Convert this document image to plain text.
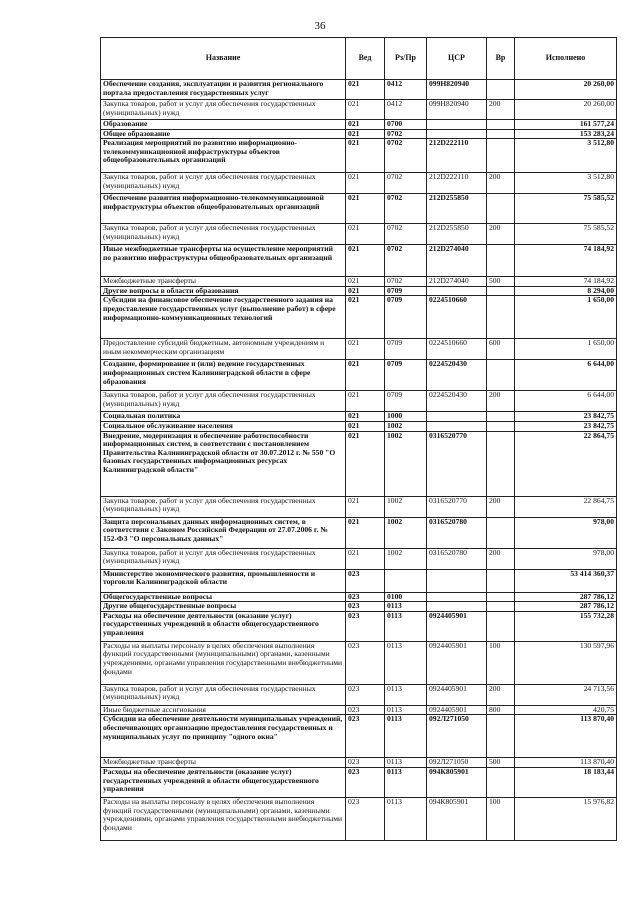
36
Название	Вед	Рз/Пр	ЦСР	Вр	Исполнено
Обеспечение создания, эксплуатации и развития регионального портала предоставления государственных услуг	021	0412	099Н820940		20 260,00
Закупка товаров, работ и услуг для обеспечения государственных (муниципальных) нужд	021	0412	099Н820940	200	20 260,00
Образование	021	0700			161 577,24
Общее образование	021	0702			153 283,24
Реализация мероприятий по развитию информационно-телекоммуникационной инфраструктуры объектов общеобразовательных организаций	021	0702	212D222110		3 512,80
Закупка товаров, работ и услуг для обеспечения государственных (муниципальных) нужд	021	0702	212D222110	200	3 512,80
Обеспечение развития информационно-телекоммуникационной инфраструктуры объектов общеобразовательных организаций	021	0702	212D255850		75 585,52
Закупка товаров, работ и услуг для обеспечения государственных (муниципальных) нужд	021	0702	212D255850	200	75 585,52
Иные межбюджетные трансферты на осуществление мероприятий по развитию инфраструктуры общеобразовательных организаций	021	0702	212D274040		74 184,92
Межбюджетные трансферты	021	0702	212D274040	500	74 184,92
Другие вопросы в области образования	021	0709			8 294,00
Субсидии на финансовое обеспечение государственного задания на предоставление государственных услуг (выполнение работ) в сфере информационно-коммуникационных технологий	021	0709	0224510660		1 650,00
Предоставление субсидий бюджетным, автономным учреждениям и иным некоммерческим организациям	021	0709	0224510660	600	1 650,00
Создание, формирование и (или) ведение государственных информационных систем Калининградской области в сфере образования	021	0709	0224520430		6 644,00
Закупка товаров, работ и услуг для обеспечения государственных (муниципальных) нужд	021	0709	0224520430	200	6 644,00
Социальная политика	021	1000			23 842,75
Социальное обслуживание населения	021	1002			23 842,75
Внедрение, модернизация и обеспечение работоспособности информационных систем, в соответствии с постановлением Правительства Калининградской области от 30.07.2012 г. № 550 "О базовых государственных информационных ресурсах Калининградской области"	021	1002	0316520770		22 864,75
Закупка товаров, работ и услуг для обеспечения государственных (муниципальных) нужд	021	1002	0316520770	200	22 864,75
Защита персональных данных информационных систем, в соответствии с Законом Российской Федерации от 27.07.2006 г. № 152-ФЗ "О персональных данных"	021	1002	0316520780		978,00
Закупка товаров, работ и услуг для обеспечения государственных (муниципальных) нужд	021	1002	0316520780	200	978,00
Министерство экономического развития, промышленности и торговли Калининградской области	023				53 414 360,37
Общегосударственные вопросы	023	0100			287 786,12
Другие общегосударственные вопросы	023	0113			287 786,12
Расходы на обеспечение деятельности (оказание услуг) государственных учреждений в области общегосударственного управления	023	0113	0924405901		155 732,28
Расходы на выплаты персоналу в целях обеспечения выполнения функций государственными (муниципальными) органами, казенными учреждениями, органами управления государственными внебюджетными фондами	023	0113	0924405901	100	130 597,96
Закупка товаров, работ и услуг для обеспечения государственных (муниципальных) нужд	023	0113	0924405901	200	24 713,56
Иные бюджетные ассигнования	023	0113	0924405901	800	420,75
Субсидии на обеспечение деятельности муниципальных учреждений, обеспечивающих организацию предоставления государственных и муниципальных услуг по принципу "одного окна"	023	0113	092Л271050		113 870,40
Межбюджетные трансферты	023	0113	092Л271050	500	113 870,40
Расходы на обеспечение деятельности (оказание услуг) государственных учреждений в области общегосударственного управления	023	0113	094К805901		18 183,44
Расходы на выплаты персоналу в целях обеспечения выполнения функций государственными (муниципальными) органами, казенными учреждениями, органами управления государственными внебюджетными фондами	023	0113	094К805901	100	15 976,82
